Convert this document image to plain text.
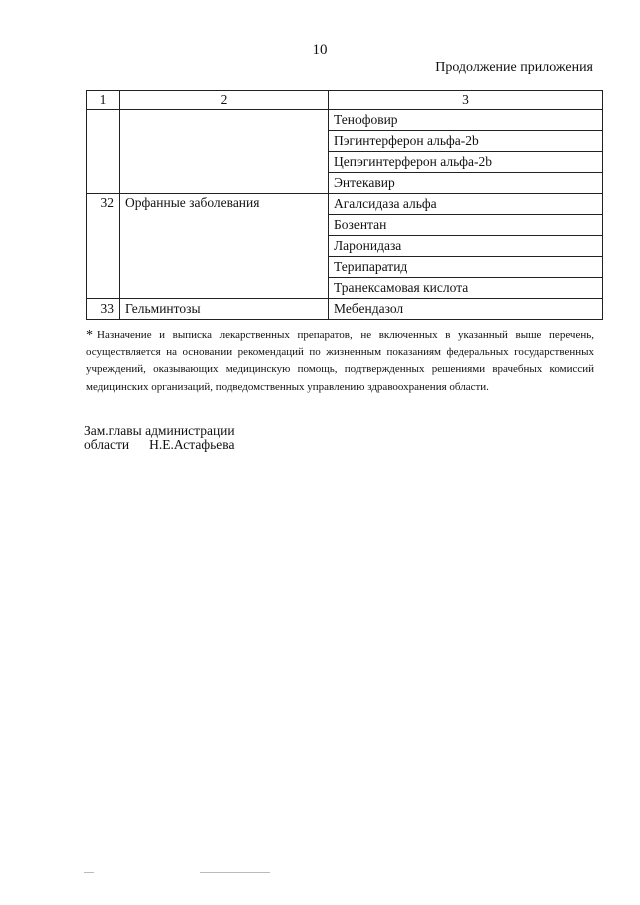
10
Продолжение приложения
1	2	3
		Тенофовир
		Пэгинтерферон альфа-2b
		Цепэгинтерферон альфа-2b
		Энтекавир
32	Орфанные заболевания	Агалсидаза альфа
		Бозентан
		Ларонидаза
		Терипаратид
		Транексамовая кислота
33	Гельминтозы	Мебендазол

* Назначение и выписка лекарственных препаратов, не включенных в указанный выше перечень, осуществляется на основании рекомендаций по жизненным показаниям федеральных государственных учреждений, оказывающих медицинскую помощь, подтвержденных решениями врачебных комиссий медицинских организаций, подведомственных управлению здравоохранения области.

Зам.главы администрации
области Н.Е.Астафьева
